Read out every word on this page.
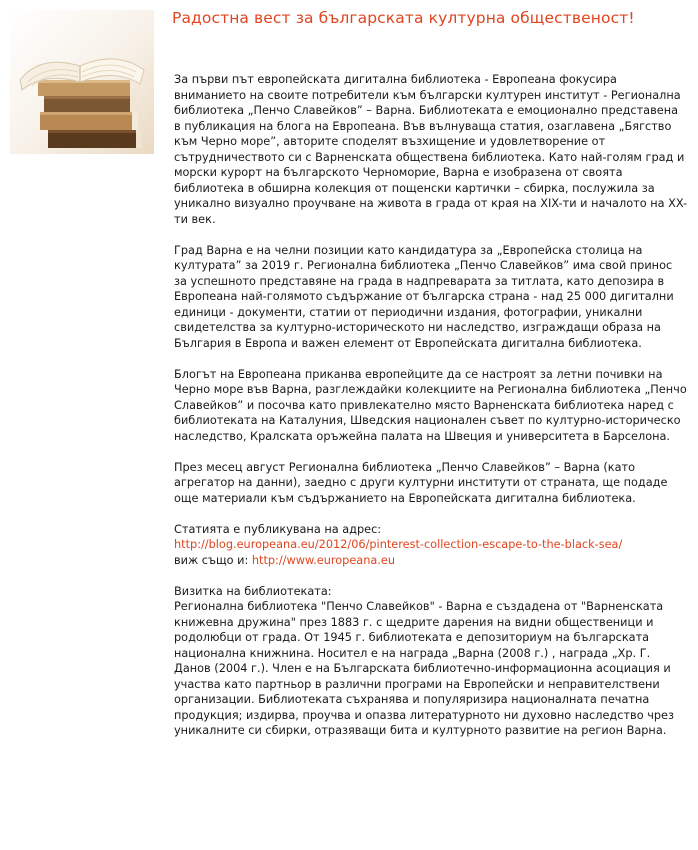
Радостна вест за българската културна общественост!

За първи път европейската дигитална библиотека - Европеана фокусира вниманието на своите потребители към български културен институт - Регионална библиотека „Пенчо Славейков” – Варна. Библиотеката е емоционално представена в публикация на блога на Европеана. Във вълнуваща статия, озаглавена „Бягство към Черно море”, авторите споделят възхищение и удовлетворение от сътрудничеството си с Варненската обществена библиотека. Като най-голям град и морски курорт на българското Черноморие, Варна е изобразена от своята библиотека в обширна колекция от пощенски картички – сбирка, послужила за уникално визуално проучване на живота в града от края на XIX-ти и началото на XX-ти век.

Град Варна е на челни позиции като кандидатура за „Европейска столица на културата” за 2019 г. Регионална библиотека „Пенчо Славейков” има свой принос за успешното представяне на града в надпреварата за титлата, като депозира в Европеана най-голямото съдържание от българска страна - над 25 000 дигитални единици - документи, статии от периодични издания, фотографии, уникални свидетелства за културно-историческото ни наследство, изграждащи образа на България в Европа и важен елемент от Европейската дигитална библиотека.

Блогът на Европеана приканва европейците да се настроят за летни почивки на Черно море във Варна, разглеждайки колекциите на Регионална библиотека „Пенчо Славейков” и посочва като привлекателно място Варненската библиотека наред с библиотеката на Каталуния, Шведския национален съвет по културно-историческо наследство, Кралската оръжейна палата на Швеция и университета в Барселона.

През месец август Регионална библиотека „Пенчо Славейков” – Варна (като агрегатор на данни), заедно с други културни институти от страната, ще подаде още материали към съдържанието на Европейската дигитална библиотека.

Статията е публикувана на адрес:
http://blog.europeana.eu/2012/06/pinterest-collection-escape-to-the-black-sea/
виж също и: http://www.europeana.eu

Визитка на библиотеката:
Регионална библиотека "Пенчо Славейков" - Варна е създадена от "Варненската книжевна дружина" през 1883 г. с щедрите дарения на видни общественици и родолюбци от града. От 1945 г. библиотеката е депозиториум на българската национална книжнина. Носител е на награда „Варна (2008 г.) , награда „Хр. Г. Данов (2004 г.). Член е на Българската библиотечно-информационна асоциация и участва като партньор в различни програми на Европейски и неправителствени организации. Библиотеката съхранява и популяризира националната печатна продукция; издирва, проучва и опазва литературното ни духовно наследство чрез уникалните си сбирки, отразяващи бита и културното развитие на регион Варна.
